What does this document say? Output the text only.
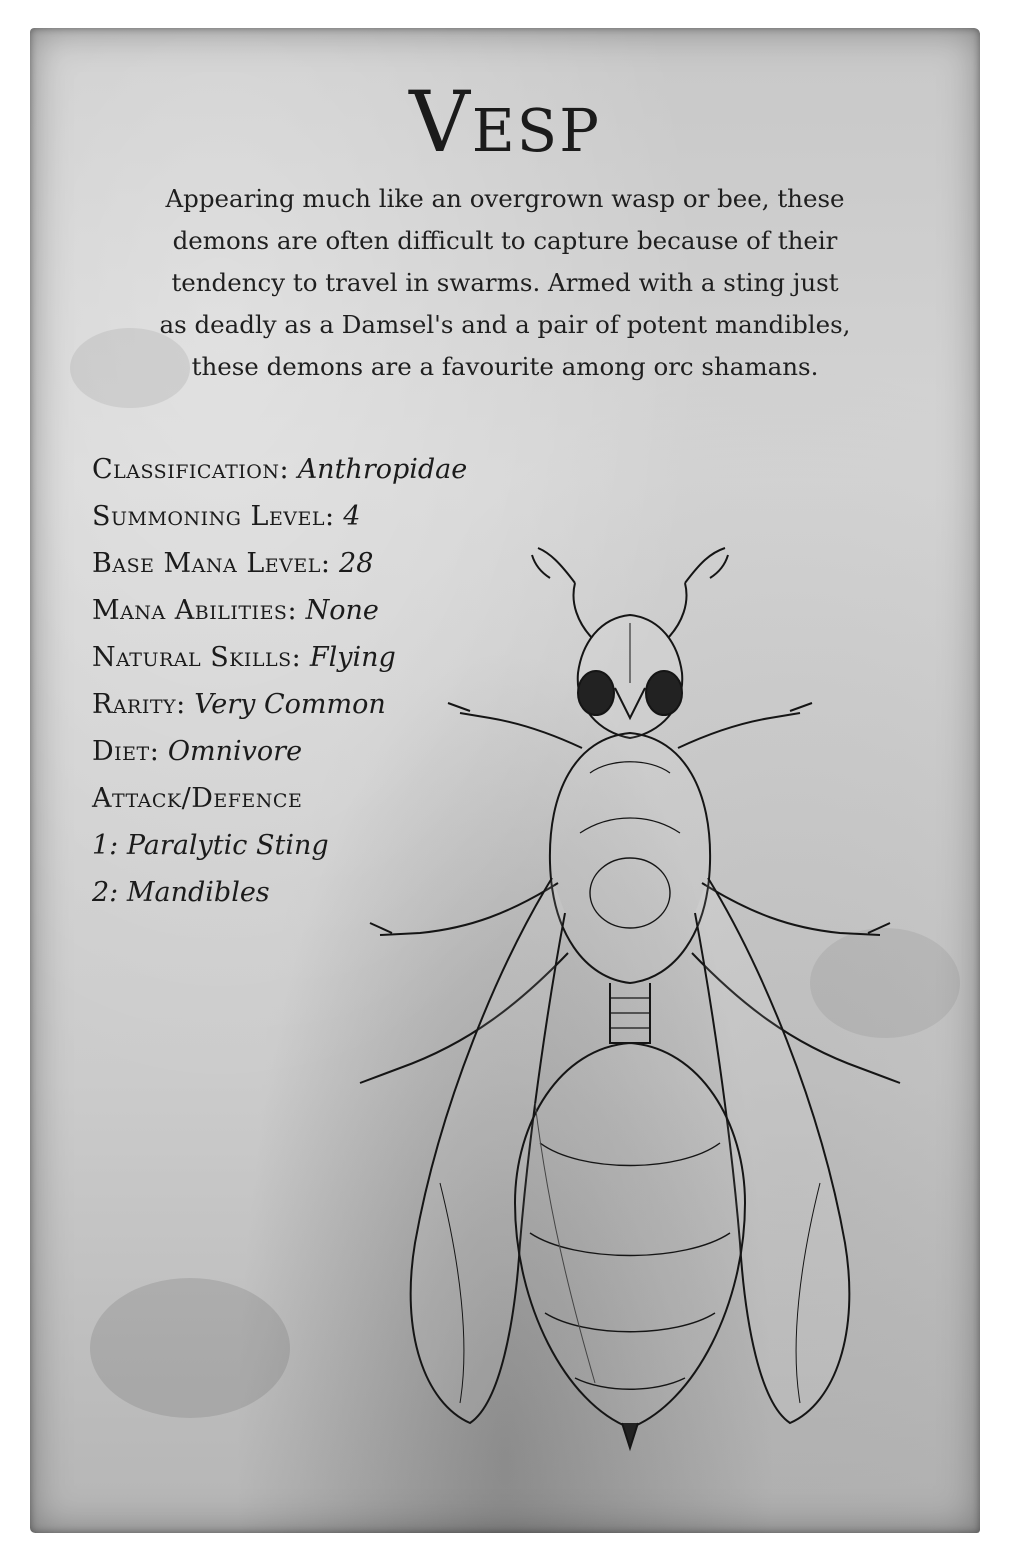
Vesp

Appearing much like an overgrown wasp or bee, these
demons are often difficult to capture because of their
tendency to travel in swarms. Armed with a sting just
as deadly as a Damsel's and a pair of potent mandibles,
these demons are a favourite among orc shamans.

Classification: Anthropidae
Summoning Level: 4
Base Mana Level: 28
Mana Abilities: None
Natural Skills: Flying
Rarity: Very Common
Diet: Omnivore
Attack/Defence
1: Paralytic Sting
2: Mandibles
